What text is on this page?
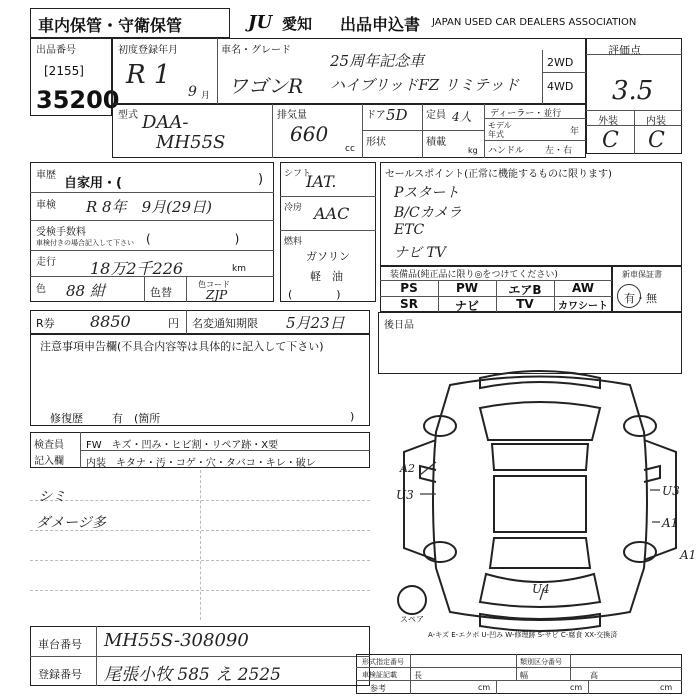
車内保管・守衛保管	JU 愛知 出品申込書 JAPAN USED CAR DEALERS ASSOCIATION
出品番号
[2155]
35200
初度登録年月
R 1
9 月
車名・グレード
ワゴンR
25周年記念車
ハイブリッドFZ リミテッド
2WD
4WD
評価点
3.5
外装	内装
C C
型式 DAA-
MH55S
排気量
660
cc
ドア 5D 定員 4人
形状	積載
kg
ディーラー・並行
モデル
年式	年
ハンドル 左・右
車歴
自家用・(	)
車検 R 8年　9月(29日)
受検手数料
車検付きの場合記入して下さい (　　　　　　　)
走行 18万2千226	km
色 88 紺	色替
色コード
ZJP
シフト
IAT.
冷房 AAC
燃料
ガソリン
軽　油
(　　　　)
セールスポイント(正常に機能するものに限ります)
Pスタート
B/Cカメラ
ETC
ナビ TV
装備品(純正品に限り◎をつけてください)
PS	PW	エアB	AW
SR	ナビ	TV	カワシート
新車保証書
有・無
R券 8850	円 名変通知期限 5月23日
注意事項申告欄(不具合内容等は具体的に記入して下さい)
修復歴	有　(箇所	)
後日品
検査員
記入欄
FW　キズ・凹み・ヒビ割・リペア跡・X要
内装　キタナ・汚・コゲ・穴・タバコ・キレ・破レ
シミ
ダメージ多
A2
U3	U3
A1
A1
U4
スペア
A-キズ E-エクボ U-凹み W-修理跡 S-サビ C-腐食 XX-交換済
車台番号 MH55S-308090
登録番号 尾張小牧 585 え 2525
形式指定番号	類別区分番号
車検証記載 長	幅	高
参考	cm	cm	cm
